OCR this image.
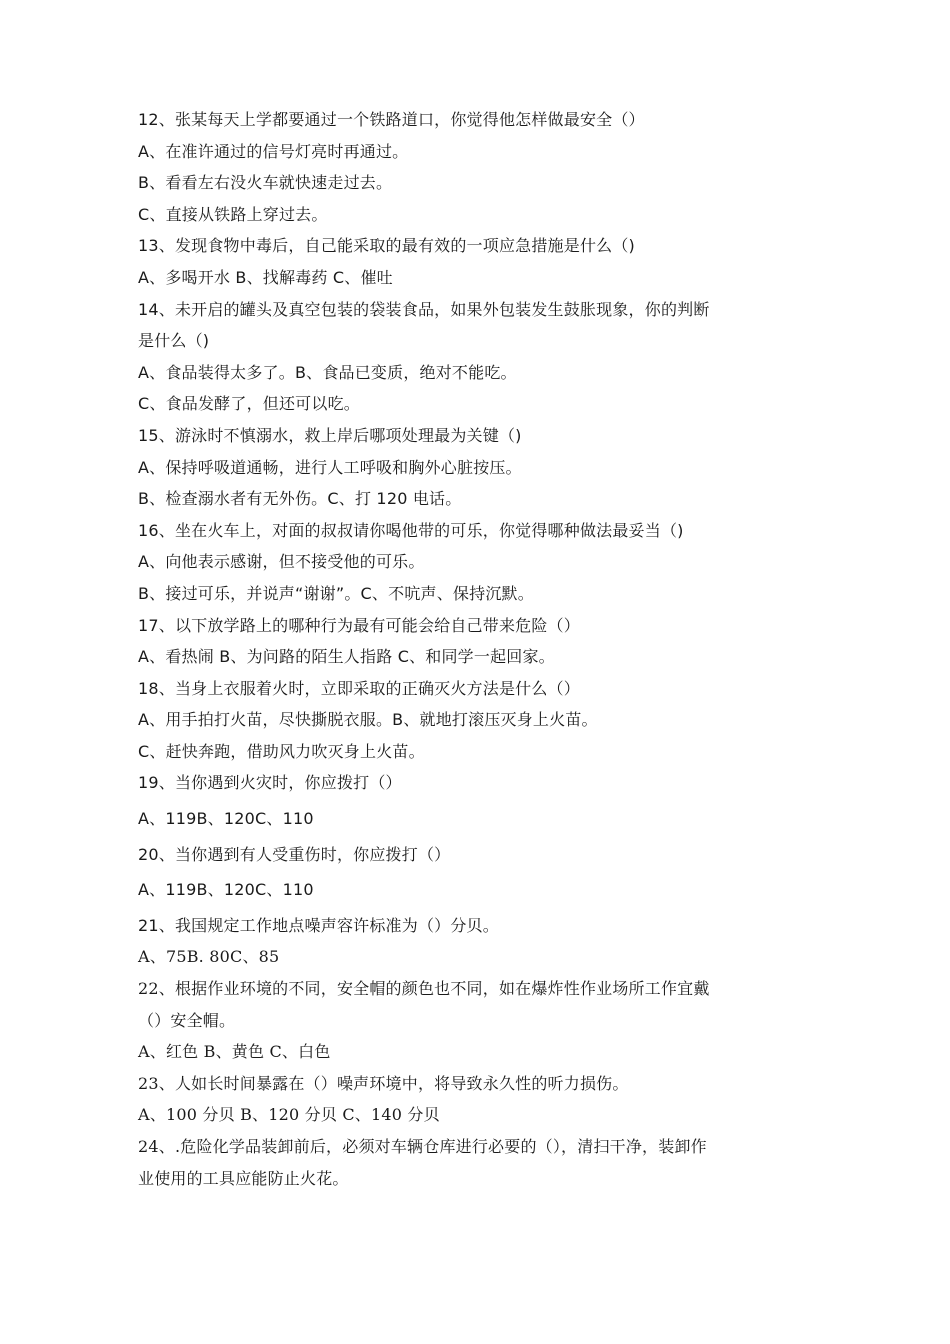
12、张某每天上学都要通过一个铁路道口，你觉得他怎样做最安全（）
A、在准许通过的信号灯亮时再通过。
B、看看左右没火车就快速走过去。
C、直接从铁路上穿过去。
13、发现食物中毒后，自己能采取的最有效的一项应急措施是什么（)
A、多喝开水 B、找解毒药 C、催吐
14、未开启的罐头及真空包装的袋装食品，如果外包装发生鼓胀现象，你的判断
是什么（)
A、食品装得太多了。B、食品已变质，绝对不能吃。
C、食品发酵了，但还可以吃。
15、游泳时不慎溺水，救上岸后哪项处理最为关键（)
A、保持呼吸道通畅，进行人工呼吸和胸外心脏按压。
B、检查溺水者有无外伤。C、打 120 电话。
16、坐在火车上，对面的叔叔请你喝他带的可乐，你觉得哪种做法最妥当（)
A、向他表示感谢，但不接受他的可乐。
B、接过可乐，并说声“谢谢”。C、不吭声、保持沉默。
17、以下放学路上的哪种行为最有可能会给自己带来危险（）
A、看热闹 B、为问路的陌生人指路 C、和同学一起回家。
18、当身上衣服着火时，立即采取的正确灭火方法是什么（）
A、用手拍打火苗，尽快撕脱衣服。B、就地打滚压灭身上火苗。
C、赶快奔跑，借助风力吹灭身上火苗。
19、当你遇到火灾时，你应拨打（）
A、119B、120C、110
20、当你遇到有人受重伤时，你应拨打（）
A、119B、120C、110
21、我国规定工作地点噪声容许标准为（）分贝。
A、75B. 80C、85
22、根据作业环境的不同，安全帽的颜色也不同，如在爆炸性作业场所工作宜戴
（）安全帽。
A、红色 B、黄色 C、白色
23、人如长时间暴露在（）噪声环境中，将导致永久性的听力损伤。
A、100 分贝 B、120 分贝 C、140 分贝
24、.危险化学品装卸前后，必须对车辆仓库进行必要的（），清扫干净，装卸作
业使用的工具应能防止火花。
